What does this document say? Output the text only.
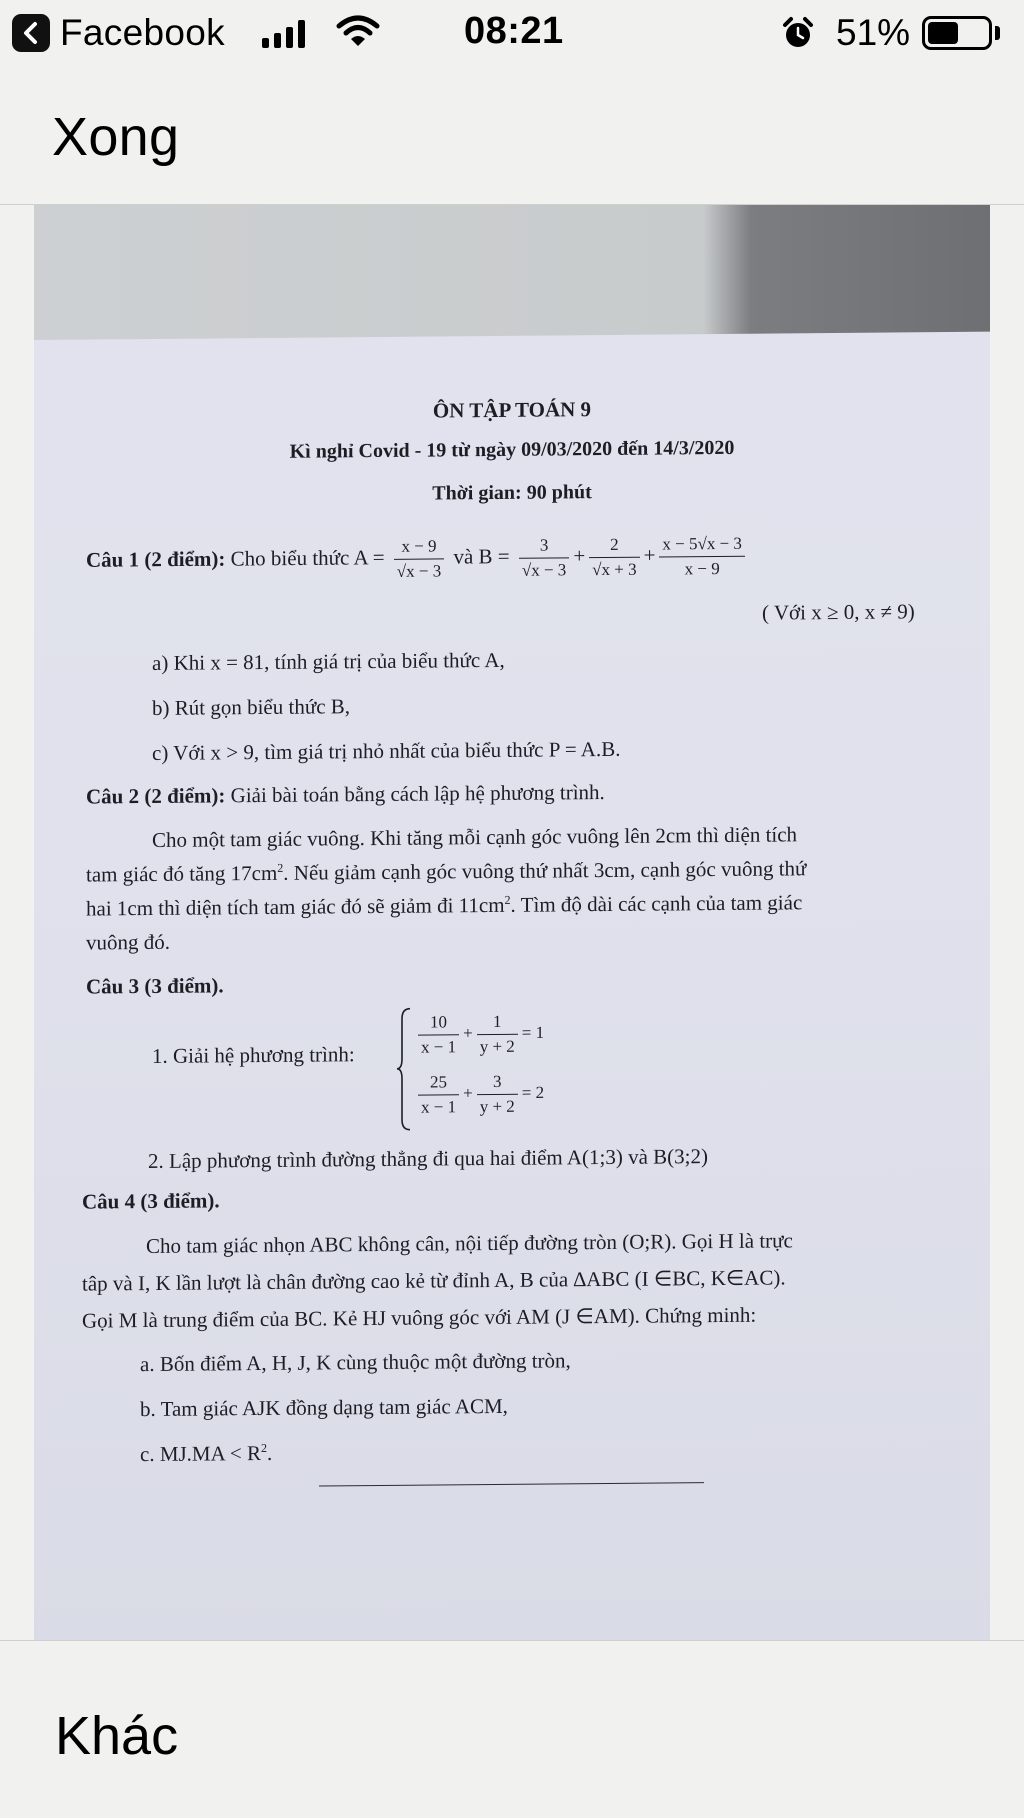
Facebook	08:21	51%
Xong
ÔN TẬP TOÁN 9
Kì nghỉ Covid - 19 từ ngày 09/03/2020 đến 14/3/2020
Thời gian: 90 phút
Câu 1 (2 điểm): Cho biểu thức $A = \frac{x - 9}{√x - 3}$ và $B = \frac{3}{√x - 3} + \frac{2}{√x + 3} + \frac{x - 5√x - 3}{x - 9}$
( Với x ≥ 0, x ≠ 9)
a) Khi x = 81, tính giá trị của biểu thức A,
b) Rút gọn biểu thức B,
c) Với x > 9, tìm giá trị nhỏ nhất của biểu thức P = A.B.
Câu 2 (2 điểm): Giải bài toán bằng cách lập hệ phương trình.
Cho một tam giác vuông. Khi tăng mỗi cạnh góc vuông lên 2cm thì diện tích
tam giác đó tăng $17cm^2$. Nếu giảm cạnh góc vuông thứ nhất 3cm, cạnh góc vuông thứ
hai 1cm thì diện tích tam giác đó sẽ giảm đi $11cm^2$. Tìm độ dài các cạnh của tam giác
vuông đó.
Câu 3 (3 điểm).
1. Giải hệ phương trình:	$\frac{10}{x - 1} + \frac{1}{y + 2} = 1$
$\frac{25}{x - 1} + \frac{3}{y + 2} = 2$
2. Lập phương trình đường thẳng đi qua hai điểm A(1;3) và B(3;2)
Câu 4 (3 điểm).
Cho tam giác nhọn ABC không cân, nội tiếp đường tròn (O;R). Gọi H là trực
tâp và I, K lần lượt là chân đường cao kẻ từ đỉnh A, B của ∆ABC (I ∈BC, K∈AC).
Gọi M là trung điểm của BC. Kẻ HJ vuông góc với AM (J ∈AM). Chứng minh:
a. Bốn điểm A, H, J, K cùng thuộc một đường tròn,
b. Tam giác AJK đồng dạng tam giác ACM,
c. $MJ.MA < R^2$.
Khác
